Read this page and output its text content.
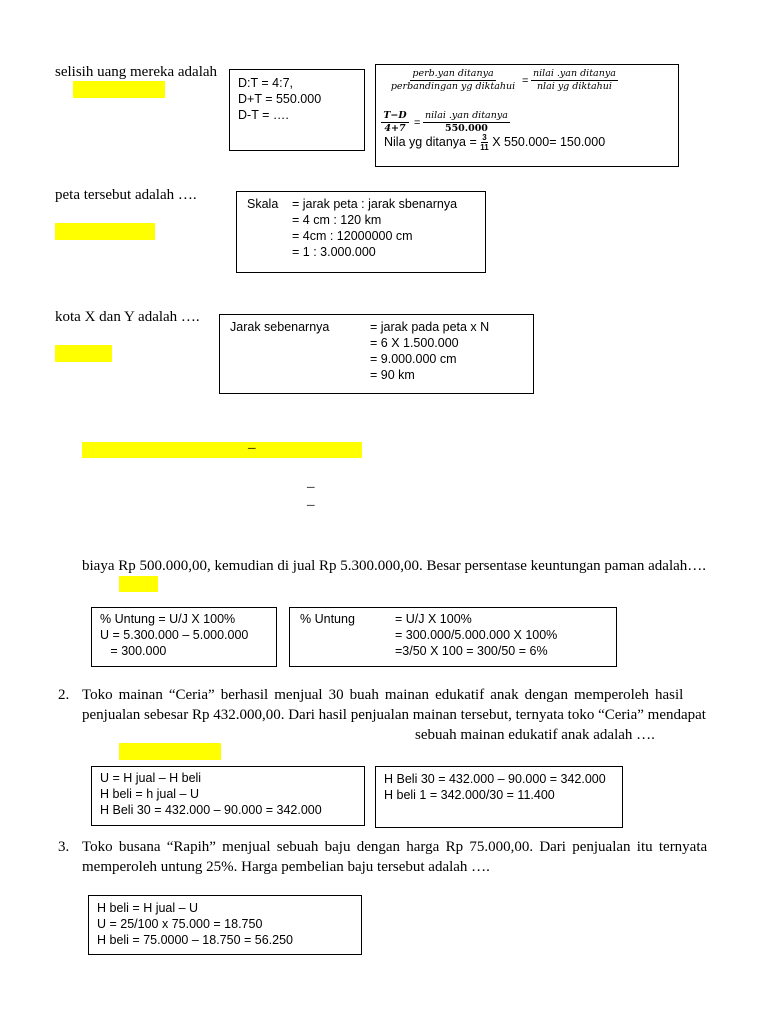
selisih uang mereka adalah
D:T = 4:7,
D+T = 550.000
D-T = ….
$\frac{\text{perb.yan ditanya}}{\text{perbandingan yg diktahui}} = \frac{\text{nilai .yan ditanya}}{\text{nlai yg diktahui}}$
$\frac{T-D}{4+7} = \frac{\text{nilai .yan ditanya}}{550.000}$
Nila yg ditanya = $\frac{3}{11}$ X 550.000= 150.000
peta tersebut adalah ….
Skala	= jarak peta : jarak sbenarnya
= 4 cm : 120 km
= 4cm : 12000000 cm
= 1 : 3.000.000
kota X dan Y adalah ….
Jarak sebenarnya	= jarak pada peta x N
= 6 X 1.500.000
= 9.000.000 cm
= 90 km
–
–
–
biaya Rp 500.000,00, kemudian di jual Rp 5.300.000,00. Besar persentase keuntungan paman adalah….
% Untung = U/J X 100%
U = 5.300.000 – 5.000.000
= 300.000
% Untung	= U/J X 100%
= 300.000/5.000.000 X 100%
=3/50 X 100 = 300/50 = 6%
2. Toko mainan “Ceria” berhasil menjual 30 buah mainan edukatif anak dengan memperoleh hasil
penjualan sebesar Rp 432.000,00. Dari hasil penjualan mainan tersebut, ternyata toko “Ceria” mendapat
sebuah mainan edukatif anak adalah ….
U = H jual – H beli
H beli = h jual – U
H Beli 30 = 432.000 – 90.000 = 342.000
H Beli 30 = 432.000 – 90.000 = 342.000
H beli 1 = 342.000/30 = 11.400
3. Toko busana “Rapih” menjual sebuah baju dengan harga Rp 75.000,00. Dari penjualan itu ternyata
memperoleh untung 25%. Harga pembelian baju tersebut adalah ….
H beli = H jual – U
U = 25/100 x 75.000 = 18.750
H beli = 75.0000 – 18.750 = 56.250
